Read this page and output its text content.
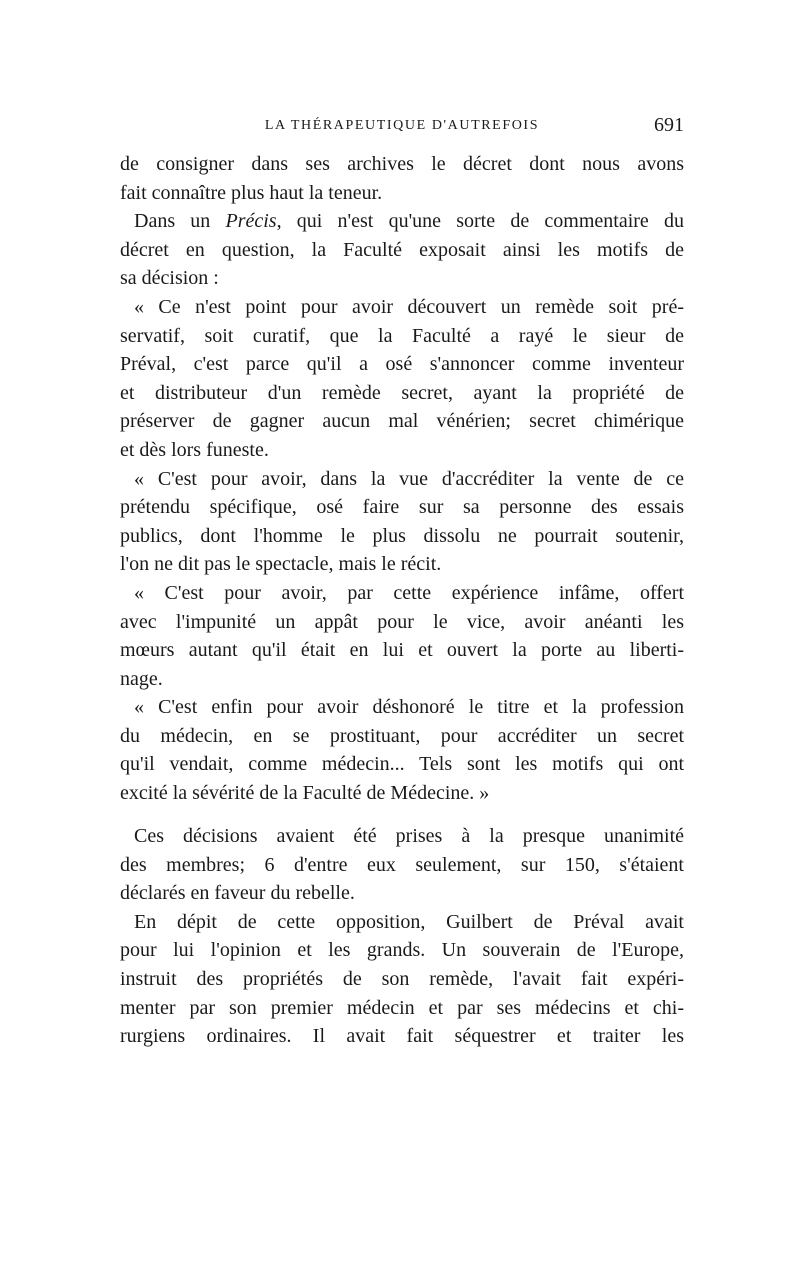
LA THÉRAPEUTIQUE D'AUTREFOIS	691
de consigner dans ses archives le décret dont nous avons
fait connaître plus haut la teneur.
Dans un Précis, qui n'est qu'une sorte de commentaire du
décret en question, la Faculté exposait ainsi les motifs de
sa décision :
« Ce n'est point pour avoir découvert un remède soit pré-
servatif, soit curatif, que la Faculté a rayé le sieur de
Préval, c'est parce qu'il a osé s'annoncer comme inventeur
et distributeur d'un remède secret, ayant la propriété de
préserver de gagner aucun mal vénérien; secret chimérique
et dès lors funeste.
« C'est pour avoir, dans la vue d'accréditer la vente de ce
prétendu spécifique, osé faire sur sa personne des essais
publics, dont l'homme le plus dissolu ne pourrait soutenir,
l'on ne dit pas le spectacle, mais le récit.
« C'est pour avoir, par cette expérience infâme, offert
avec l'impunité un appât pour le vice, avoir anéanti les
mœurs autant qu'il était en lui et ouvert la porte au liberti-
nage.
« C'est enfin pour avoir déshonoré le titre et la profession
du médecin, en se prostituant, pour accréditer un secret
qu'il vendait, comme médecin... Tels sont les motifs qui ont
excité la sévérité de la Faculté de Médecine. »
Ces décisions avaient été prises à la presque unanimité
des membres; 6 d'entre eux seulement, sur 150, s'étaient
déclarés en faveur du rebelle.
En dépit de cette opposition, Guilbert de Préval avait
pour lui l'opinion et les grands. Un souverain de l'Europe,
instruit des propriétés de son remède, l'avait fait expéri-
menter par son premier médecin et par ses médecins et chi-
rurgiens ordinaires. Il avait fait séquestrer et traiter les
